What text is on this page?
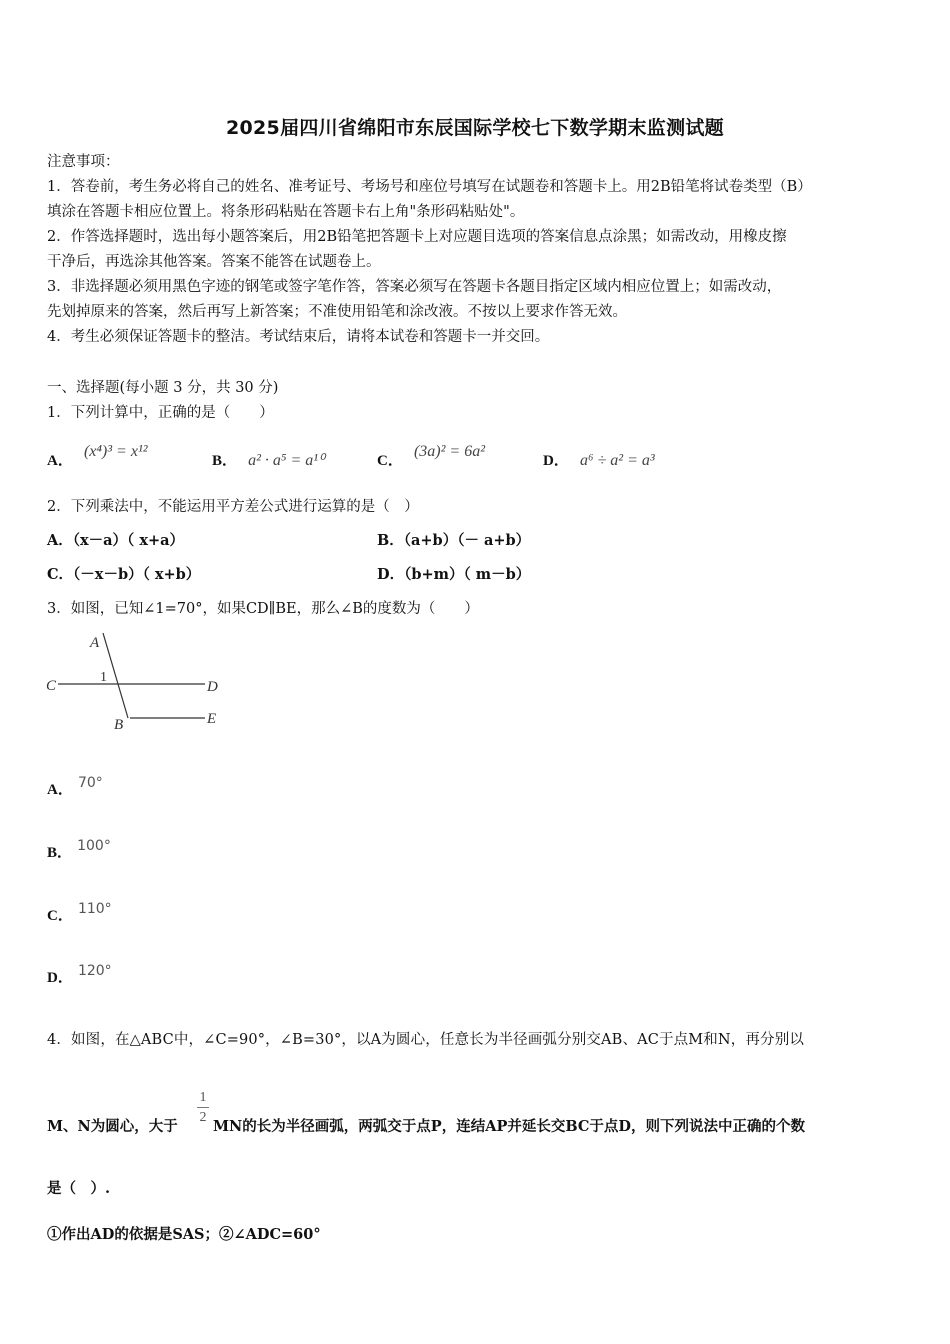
2025届四川省绵阳市东辰国际学校七下数学期末监测试题
注意事项：
1．答卷前，考生务必将自己的姓名、准考证号、考场号和座位号填写在试题卷和答题卡上。用2B铅笔将试卷类型（B）
填涂在答题卡相应位置上。将条形码粘贴在答题卡右上角"条形码粘贴处"。
2．作答选择题时，选出每小题答案后，用2B铅笔把答题卡上对应题目选项的答案信息点涂黑；如需改动，用橡皮擦
干净后，再选涂其他答案。答案不能答在试题卷上。
3．非选择题必须用黑色字迹的钢笔或签字笔作答，答案必须写在答题卡各题目指定区域内相应位置上；如需改动，
先划掉原来的答案，然后再写上新答案；不准使用铅笔和涂改液。不按以上要求作答无效。
4．考生必须保证答题卡的整洁。考试结束后，请将本试卷和答题卡一并交回。
一、选择题(每小题 3 分，共 30 分)
1．下列计算中，正确的是（　　）
A． (x⁴)³ = x¹²
B． a² · a⁵ = a¹⁰	C． (3a)² = 6a²
D． a⁶ ÷ a² = a³
2．下列乘法中，不能运用平方差公式进行运算的是（　）
A．（x－a）（ x+a）	B．（a+b）（－ a+b）
C．（－x－b）（ x+b）	D．（b+m）（ m－b）
3．如图，已知∠1=70°，如果CD∥BE，那么∠B的度数为（　　）
A
C
1
D
B	E
A． 70°
B． 100°
C． 110°
D． 120°
4．如图，在△ABC中，∠C=90°，∠B=30°，以A为圆心，任意长为半径画弧分别交AB、AC于点M和N，再分别以
1
2
M、N为圆心，大于 MN的长为半径画弧，两弧交于点P，连结AP并延长交BC于点D，则下列说法中正确的个数
是（　）.
①作出AD的依据是SAS；②∠ADC=60°
